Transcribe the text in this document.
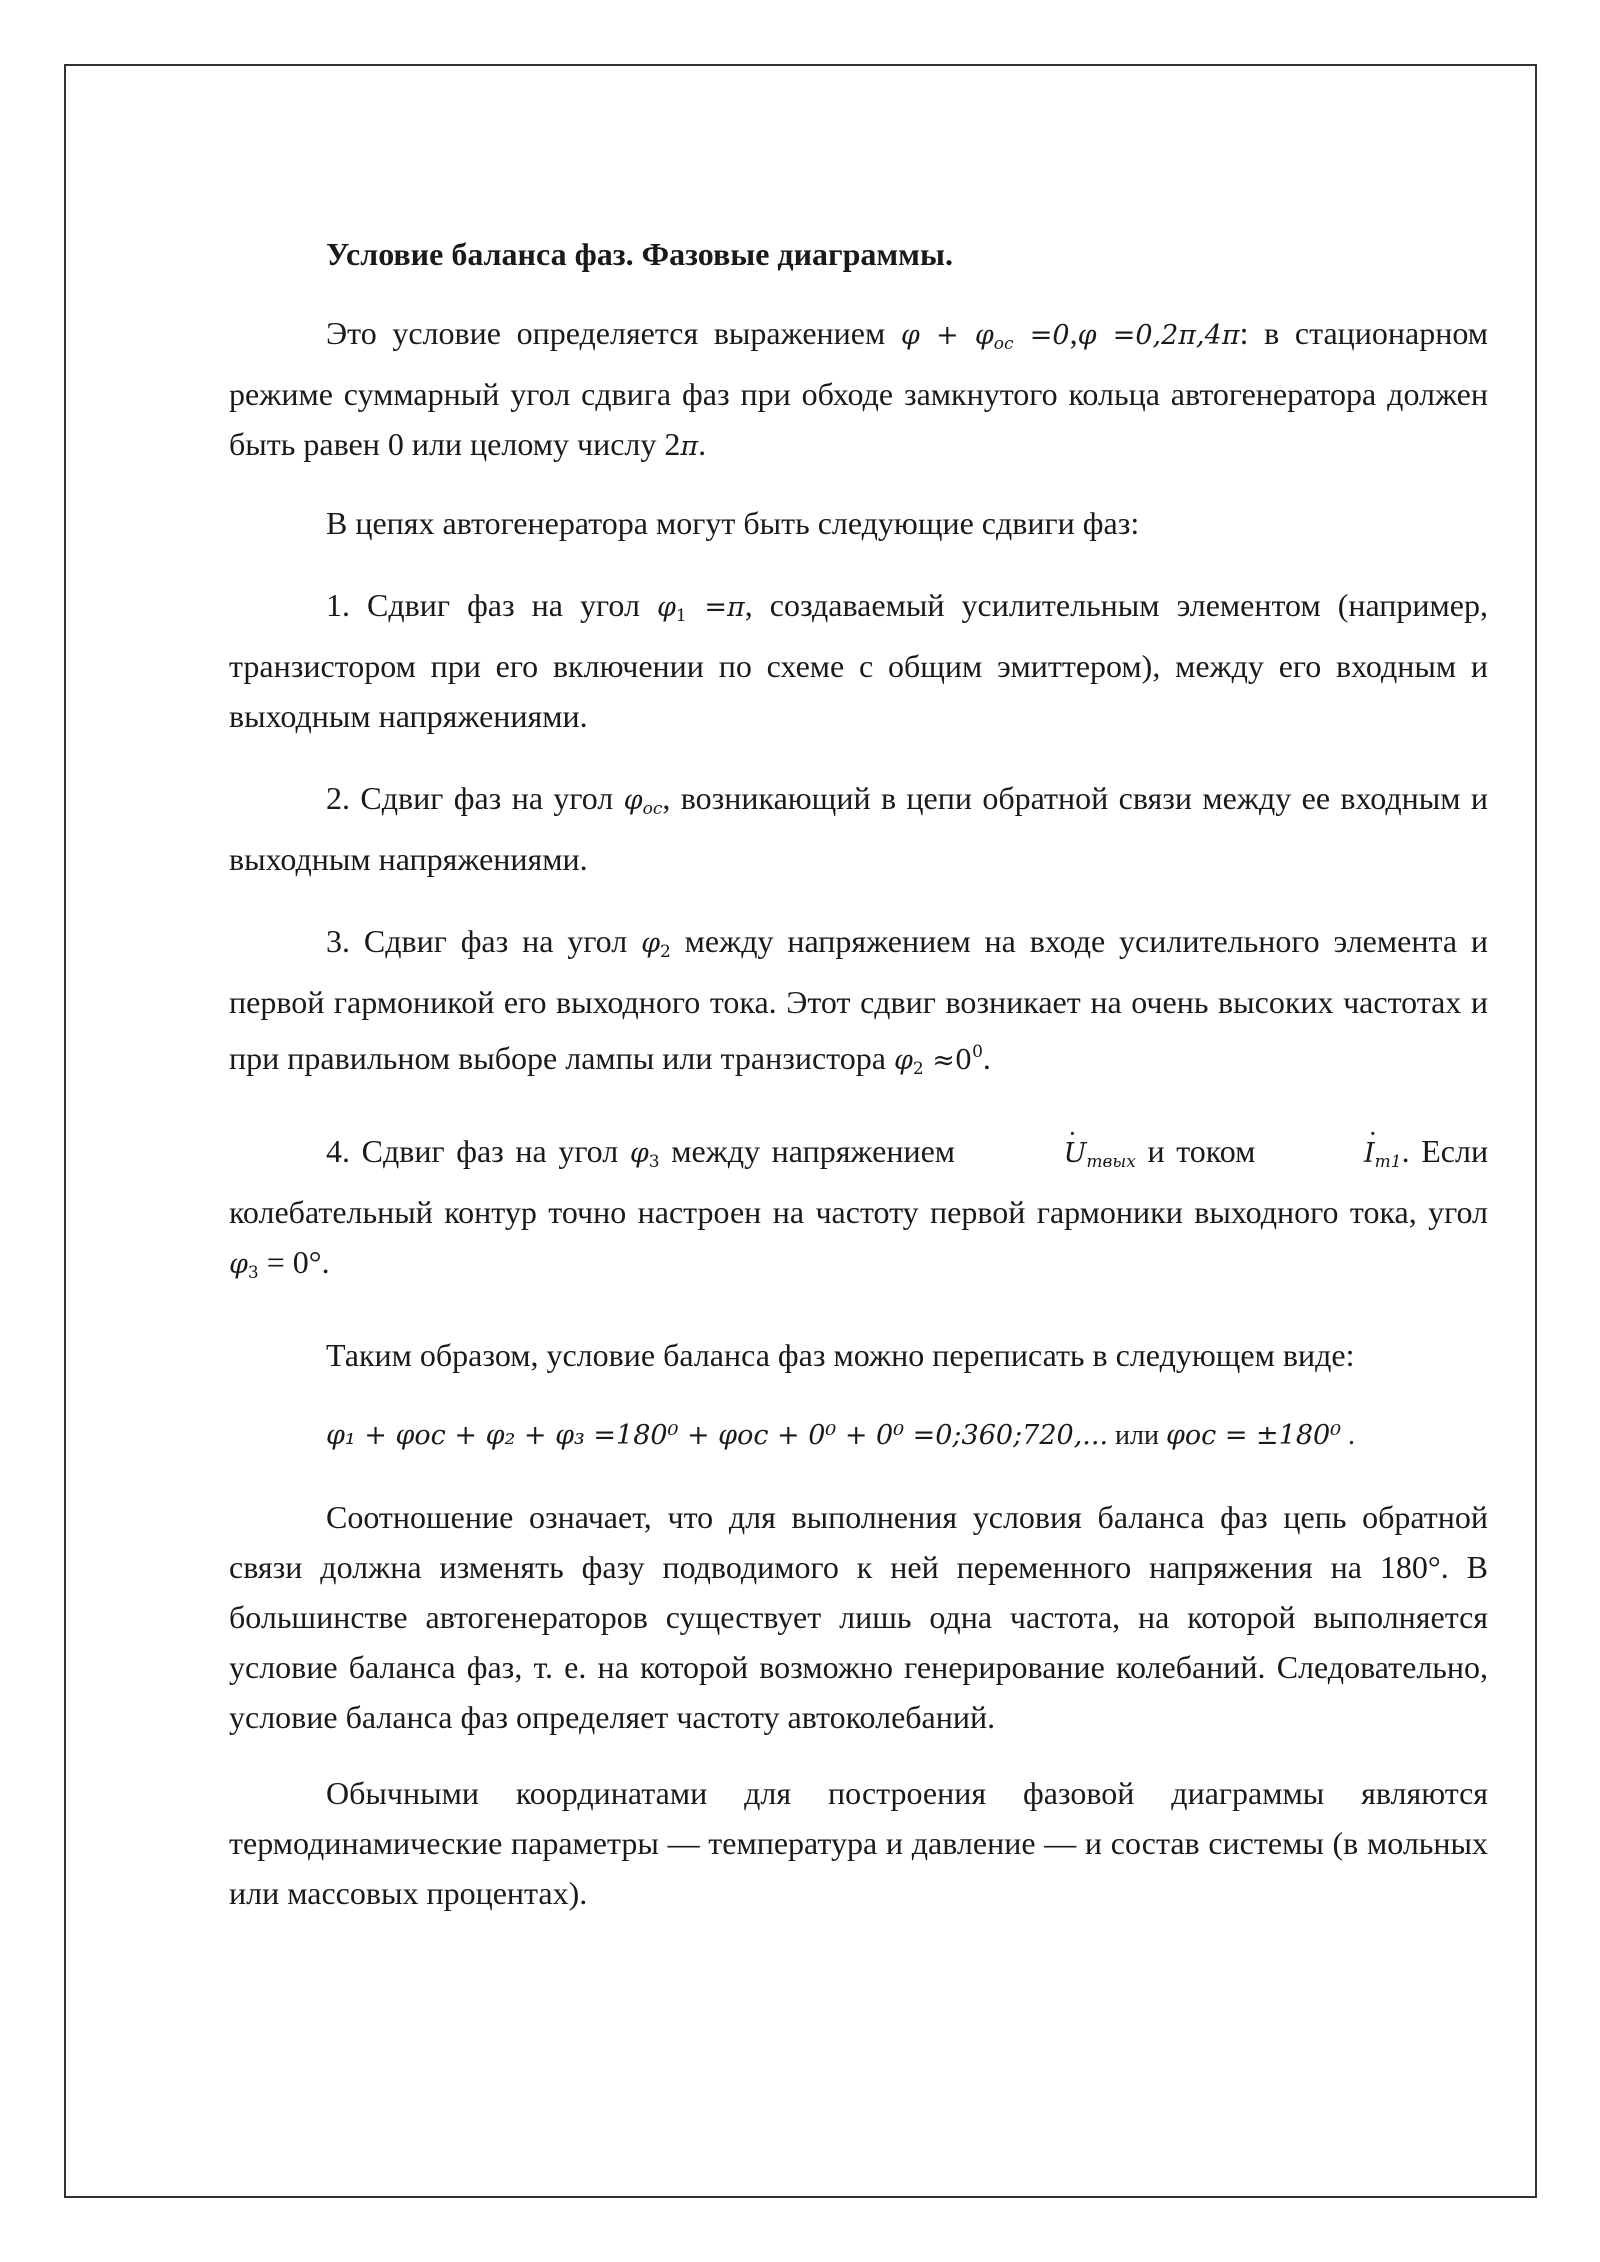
Условие баланса фаз. Фазовые диаграммы.

Это условие определяется выражением $\varphi + \varphi_{ос} =0,\varphi =0,2\pi,4\pi$: в стационарном режиме суммарный угол сдвига фаз при обходе замкнутого кольца автогенератора должен быть равен 0 или целому числу 2π.

В цепях автогенератора могут быть следующие сдвиги фаз:

1. Сдвиг фаз на угол φ1 =π, создаваемый усилительным элементом (например, транзистором при его включении по схеме с общим эмиттером), между его входным и выходным напряжениями.

2. Сдвиг фаз на угол $\varphi_{ос}$, возникающий в цепи обратной связи между ее входным и выходным напряжениями.

3. Сдвиг фаз на угол φ2 между напряжением на входе усилительного элемента и первой гармоникой его выходного тока. Этот сдвиг возникает на очень высоких частотах и при правильном выборе лампы или транзистора $\varphi 2 \approx 0^0$.

4. Сдвиг фаз на угол φ3 между напряжением	· $U_{mвых}$ и током	· $I_{m1}$. Если колебательный контур точно настроен на частоту первой гармоники выходного тока, угол φ3 = 0°.

Таким образом, условие баланса фаз можно переписать в следующем виде:

φ₁ + φос + φ₂ + φ₃ =180⁰ + φос + 0⁰ + 0⁰ =0;360;720,... или φос = ±180⁰ .

Соотношение означает, что для выполнения условия баланса фаз цепь обратной связи должна изменять фазу подводимого к ней переменного напряжения на 180°. В большинстве автогенераторов существует лишь одна частота, на которой выполняется условие баланса фаз, т. е. на которой возможно генерирование колебаний. Следовательно, условие баланса фаз определяет частоту автоколебаний.

Обычными координатами для построения фазовой диаграммы являются термодинамические параметры — температура и давление — и состав системы (в мольных или массовых процентах).
